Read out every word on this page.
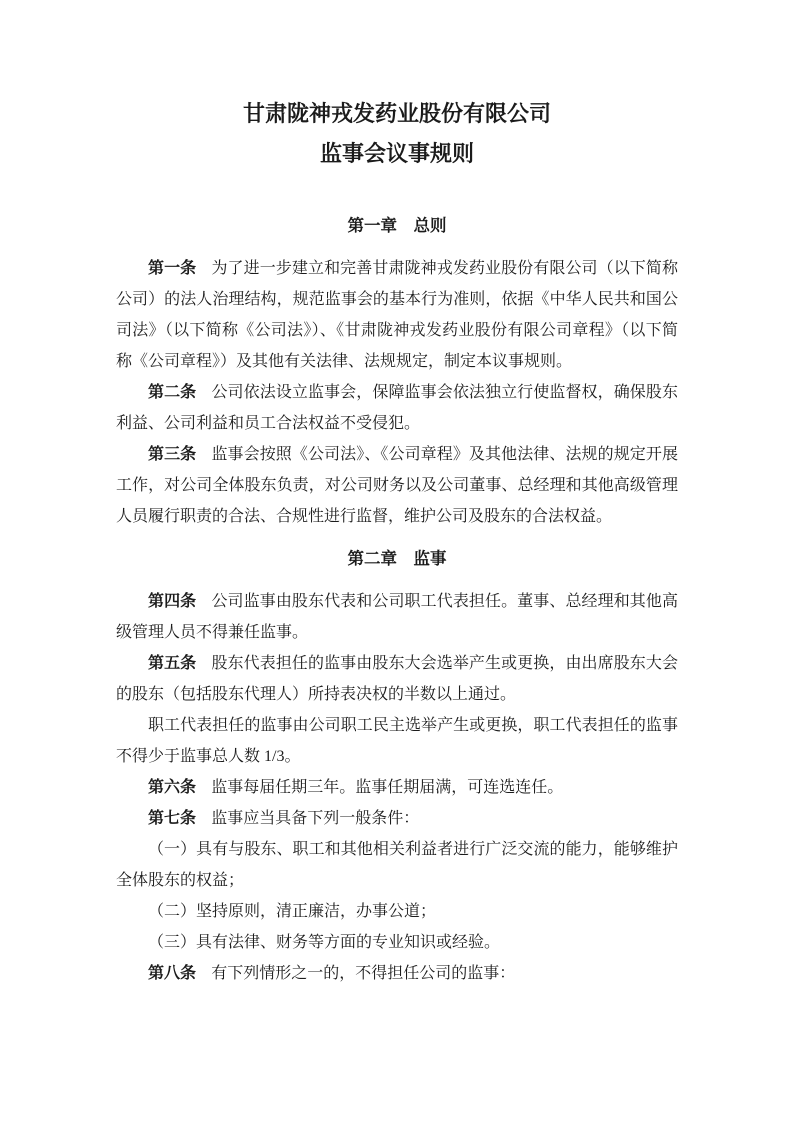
甘肃陇神戎发药业股份有限公司
监事会议事规则
第一章　总则

第一条 为了进一步建立和完善甘肃陇神戎发药业股份有限公司（以下简称公司）的法人治理结构，规范监事会的基本行为准则，依据《中华人民共和国公司法》（以下简称《公司法》）、《甘肃陇神戎发药业股份有限公司章程》（以下简称《公司章程》）及其他有关法律、法规规定，制定本议事规则。

第二条 公司依法设立监事会，保障监事会依法独立行使监督权，确保股东利益、公司利益和员工合法权益不受侵犯。

第三条 监事会按照《公司法》、《公司章程》及其他法律、法规的规定开展工作，对公司全体股东负责，对公司财务以及公司董事、总经理和其他高级管理人员履行职责的合法、合规性进行监督，维护公司及股东的合法权益。

第二章　监事

第四条 公司监事由股东代表和公司职工代表担任。董事、总经理和其他高级管理人员不得兼任监事。

第五条 股东代表担任的监事由股东大会选举产生或更换，由出席股东大会的股东（包括股东代理人）所持表决权的半数以上通过。

职工代表担任的监事由公司职工民主选举产生或更换，职工代表担任的监事不得少于监事总人数 1/3。

第六条 监事每届任期三年。监事任期届满，可连选连任。

第七条 监事应当具备下列一般条件：

（一）具有与股东、职工和其他相关利益者进行广泛交流的能力，能够维护全体股东的权益；

（二）坚持原则，清正廉洁，办事公道；

（三）具有法律、财务等方面的专业知识或经验。

第八条 有下列情形之一的，不得担任公司的监事：
